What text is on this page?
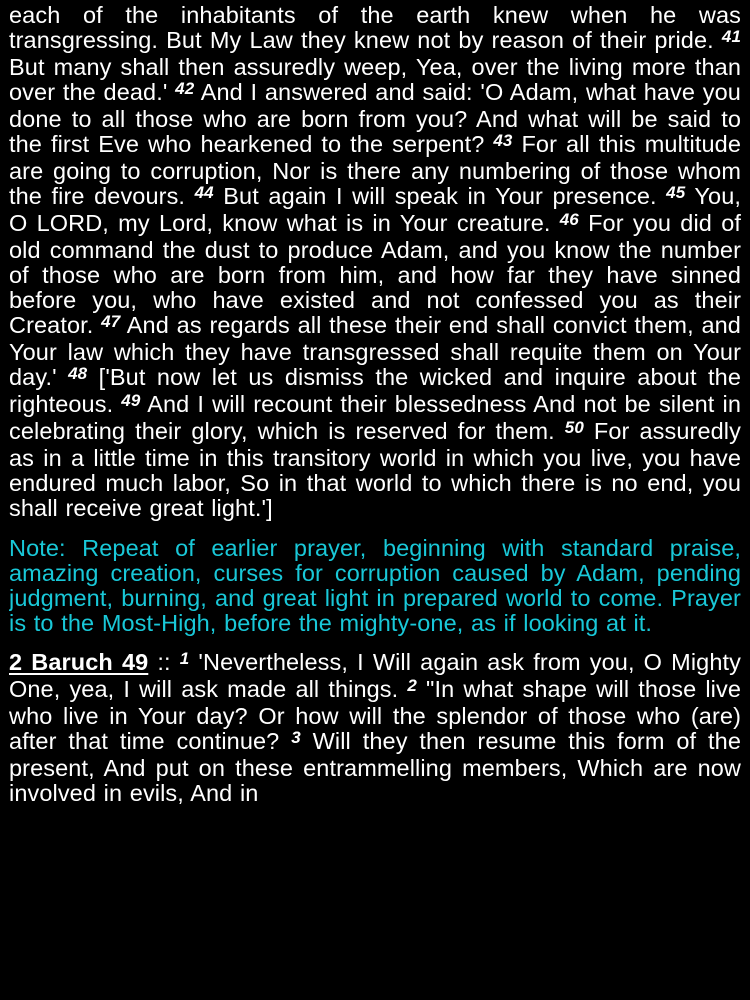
each of the inhabitants of the earth knew when he was transgressing. But My Law they knew not by reason of their pride. $^{41}$ But many shall then assuredly weep, Yea, over the living more than over the dead.' $^{42}$ And I answered and said: 'O Adam, what have you done to all those who are born from you? And what will be said to the first Eve who hearkened to the serpent? $^{43}$ For all this multitude are going to corruption, Nor is there any numbering of those whom the fire devours. $^{44}$ But again I will speak in Your presence. $^{45}$ You, O LORD, my Lord, know what is in Your creature. $^{46}$ For you did of old command the dust to produce Adam, and you know the number of those who are born from him, and how far they have sinned before you, who have existed and not confessed you as their Creator. $^{47}$ And as regards all these their end shall convict them, and Your law which they have transgressed shall requite them on Your day.' $^{48}$ ['But now let us dismiss the wicked and inquire about the righteous. $^{49}$ And I will recount their blessedness And not be silent in celebrating their glory, which is reserved for them. $^{50}$ For assuredly as in a little time in this transitory world in which you live, you have endured much labor, So in that world to which there is no end, you shall receive great light.']

Note: Repeat of earlier prayer, beginning with standard praise, amazing creation, curses for corruption caused by Adam, pending judgment, burning, and great light in prepared world to come. Prayer is to the Most-High, before the mighty-one, as if looking at it.

2 Baruch 49 :: $^1$ 'Nevertheless, I Will again ask from you, O Mighty One, yea, I will ask made all things. $^2$ "In what shape will those live who live in Your day? Or how will the splendor of those who (are) after that time continue? $^3$ Will they then resume this form of the present, And put on these entrammelling members, Which are now involved in evils, And in
